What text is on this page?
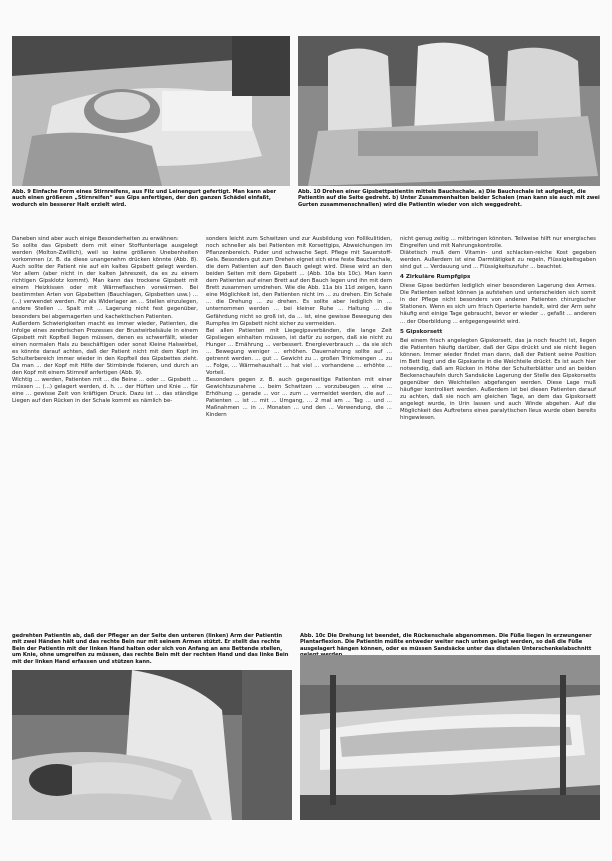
Abb. 9 Einfache Form eines Stirnreifens, aus Filz und Leinengurt gefertigt. Man kann aber auch einen größeren „Stirnreifen“ aus Gips anfertigen, der den ganzen Schädel einfaßt, wodurch ein besserer Halt erzielt wird.
Abb. 10 Drehen einer Gipsbettpatientin mittels Bauchschale. a) Die Bauchschale ist aufgelegt, die Patientin auf die Seite gedreht. b) Unter Zusammenhalten beider Schalen (man kann sie auch mit zwei Gurten zusammenschnallen) wird die Patientin wieder von sich weggedreht.

Daneben sind aber auch einige Besonderheiten zu erwähnen:

So sollte das Gipsbett dem mit einer Stoffunterlage ausgelegt werden (Molton-Zwillich), weil so keine größeren Unebenheiten vorkommen (z. B. da diese unangenehm drücken könnte (Abb. 8). Auch sollte der Patient nie auf ein kaltes Gipsbett gelegt werden. Vor allem (aber nicht in der kalten Jahreszeit, da es zu einem richtigen Gipsklotz kommt). Man kann das trockene Gipsbett mit einem Heizkissen oder mit Wärmeflaschen vorwärmen. Bei bestimmten Arten von Gipsbetten (Bauchlagen, Gipsbetten usw.) ... (...) verwendet werden. Für als Widerlager an ... Stellen einzulegen, andere Stellen ... Spalt mit ... Lagerung nicht fest gegenüber, besonders bei abgemagerten und kachektischen Patienten.

Außerdem Schwierigkeiten macht es immer wieder, Patienten, die infolge eines zerebrischen Prozesses der Brustwirbelsäule in einem Gipsbett mit Kopfteil liegen müssen, denen es schwerfällt, wieder einen normalen Hals zu beschäftigen oder sonst Kleine Halswirbel, es könnte darauf achten, daß der Patient nicht mit dem Kopf im Schulterbereich immer wieder in den Kopfteil des Gipsbettes zieht. Da man ... der Kopf mit Hilfe der Stirnbinde fixieren, und durch an den Kopf mit einem Stirnreif anfertigen (Abb. 9).

Wichtig ... werden, Patienten mit ... die Beine ... oder ... Gipsbett ... müssen ... (...) gelagert werden, d. h. ... der Hüften und Knie ... für eine ... gewisse Zeit von kräftigen Druck. Dazu ist ... das ständige Liegen auf den Rücken in der Schale kommt es nämlich be-

sonders leicht zum Schwitzen und zur Ausbildung von Follikulitiden, noch schneller als bei Patienten mit Korsettgips, Abweichungen im Pflanzenbereich. Puder und schwache Sept. Pflege mit Sauerstoff-Gels. Besonders gut zum Drehen eignet sich eine feste Bauchschale, die dem Patienten auf den Bauch gelegt wird. Diese wird an den beiden Seiten mit dem Gipsbett ... (Abb. 10a bis 10c). Man kann dem Patienten auf einen Brett auf den Bauch legen und ihn mit dem Brett zusammen umdrehen. Wie die Abb. 11a bis 11d zeigen, kann eine Möglichkeit ist, den Patienten nicht im ... zu drehen. Ein Schale ... die Drehung ... zu drehen. Es sollte aber lediglich in ... unternommen werden ... bei kleiner Ruhe ... Haltung ... die Gefährdung nicht so groß ist, da ... ist, eine gewisse Bewegung des Rumpfes im Gipsbett nicht sicher zu vermeiden.

Bei allen Patienten mit Liegegipsverbänden, die lange Zeit Gipsliegen einhalten müssen, ist dafür zu sorgen, daß sie nicht zu Hunger ... Ernährung ... verbessert. Energieverbrauch ... da sie sich ... Bewegung weniger ... erhöhen. Dauernahrung sollte auf ... getrennt werden. ... gut ... Gewicht zu ... großen Trinkmengen ... zu ... Folge, ... Wärmehaushalt ... hat viel ... vorhandene ... erhöhte ... Vorteil.

Besonders gegen z. B. auch gegenseitige Patienten mit einer Gewichtszunahme ... beim Schwitzen ... vorzubeugen ... eine ... Erhöhung ... gerade ... vor ... zum ... vermeidet werden, die auf ... Patienten ... ist ... mit ... Umgang, ... 2 mal am ... Tag ... und ... Maßnahmen ... in ... Monaten ... und den ... Verwendung, die ... Kindern

nicht genug zeitig ... mitbringen könnten. Teilweise hilft nur energisches Eingreifen und mit Nahrungskontrolle.

Diätetisch muß dem Vitamin- und schlacken-reiche Kost gegeben werden. Außerdem ist eine Darmtätigkeit zu regeln, Flüssigkeitsgaben sind gut ... Verdauung und ... Flüssigkeitszufuhr ... beachtet.

4 Zirkuläre Rumpfgips

Diese Gipse bedürfen lediglich einer besonderen Lagerung des Armes. Die Patienten selbst können ja aufstehen und unterscheiden sich somit in der Pflege nicht besonders von anderen Patienten chirurgischer Stationen. Wenn es sich um frisch Operierte handelt, wird der Arm sehr häufig erst einige Tage gebraucht, bevor er wieder ... gefaßt ... anderen ... der Oberbildung ... entgegengewirkt wird.

5 Gipskorsett

Bei einem frisch angelegten Gipskorsett, das ja noch feucht ist, liegen die Patienten häufig darüber, daß der Gips drückt und sie nicht liegen können. Immer wieder findet man dann, daß der Patient seine Position im Bett liegt und die Gipskante in die Weichteile drückt. Es ist auch hier notwendig, daß am Rücken in Höhe der Schulterblätter und an beiden Beckenschaufeln durch Sandsäcke Lagerung der Stelle des Gipskorsetts gegenüber den Weichteilen abgefangen werden. Diese Lage muß häufiger kontrolliert werden. Außerdem ist bei diesen Patienten darauf zu achten, daß sie noch am gleichen Tage, an dem das Gipskorsett angelegt wurde, in Urin lassen und auch Winde abgehen. Auf die Möglichkeit des Auftretens eines paralytischen Ileus wurde oben bereits hingewiesen.

gedrehten Patientin ab, daß der Pfleger an der Seite den unteren (linken) Arm der Patientin mit zwei Händen hält und das rechte Bein nur mit seinem Armen stützt. Er stellt das rechte Bein der Patientin mit der linken Hand halten oder sich von Anfang an ans Bettende stellen, um Knie, ohne umgreifen zu müssen, das rechte Bein mit der rechten Hand und das linke Bein mit der linken Hand erfassen und stützen kann.
Abb. 10c Die Drehung ist beendet, die Rückenschale abgenommen. Die Füße liegen in erzwungener Plantarflexion. Die Patientin müßte entweder weiter nach unten gelegt werden, so daß die Füße ausgelagert hängen können, oder es müssen Sandsäcke unter das distalen Unterschenkelabschnitt
